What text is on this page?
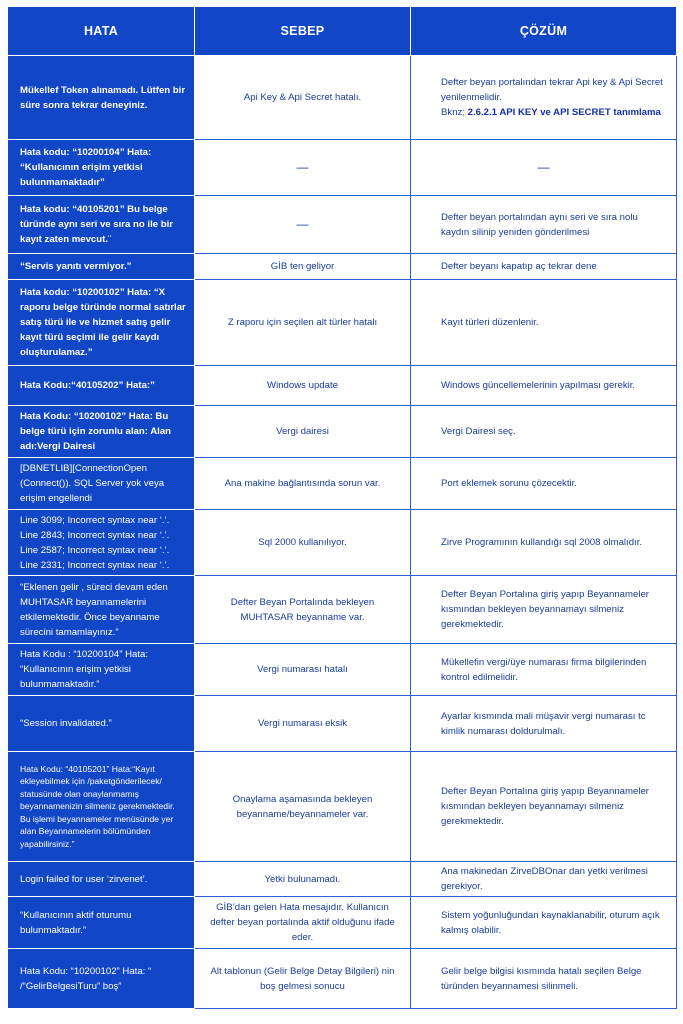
HATA	SEBEP	ÇÖZÜM
Mükellef Token alınamadı. Lütfen bir süre sonra tekrar deneyiniz.	Api Key & Api Secret hatalı.	Defter beyan portalından tekrar Api key & Api Secret yenilenmelidir.
Bknz; 2.6.2.1 API KEY ve API SECRET tanımlama
Hata kodu: “10200104” Hata: “Kullanıcının erişim yetkisi bulunmamaktadır”	—	—
Hata kodu: “40105201” Bu belge türünde aynı seri ve sıra no ile bir kayıt zaten mevcut.¨	—	Defter beyan portalından aynı seri ve sıra nolu kaydın silinip yeniden gönderilmesi
“Servis yanıtı vermiyor.”	GİB ten geliyor	Defter beyanı kapatıp aç tekrar dene
Hata kodu: “10200102” Hata: “X raporu belge türünde normal satırlar satış türü ile ve hizmet satış gelir kayıt türü seçimi ile gelir kaydı oluşturulamaz.”	Z raporu için seçilen alt türler hatalı	Kayıt türleri düzenlenir.
Hata Kodu:“40105202” Hata:”	Windows update	Windows güncellemelerinin yapılması gerekir.
Hata Kodu: “10200102” Hata: Bu belge türü için zorunlu alan: Alan adı:Vergi Dairesi	Vergi dairesi	Vergi Dairesi seç.
[DBNETLIB][ConnectionOpen (Connect()). SQL Server yok veya erişim engellendi	Ana makine bağlantısında sorun var.	Port eklemek sorunu çözecektir.
Line 3099; Incorrect syntax near ‘.’. Line 2843; Incorrect syntax near ‘.’. Line 2587; Incorrect syntax near ‘.’. Line 2331; Incorrect syntax near ‘.’.	Sql 2000 kullanılıyor.	Zirve Programının kullandığı sql 2008 olmalıdır.
“Eklenen gelir , süreci devam eden MUHTASAR beyannamelerini etkilemektedir. Önce beyanname sürecini tamamlayınız.”	Defter Beyan Portalında bekleyen MUHTASAR beyanname var.	Defter Beyan Portalına giriş yapıp Beyannameler kısmından bekleyen beyannamayı silmeniz gerekmektedir.
Hata Kodu : “10200104” Hata: “Kullanıcının erişim yetkisi bulunmamaktadır.”	Vergi numarası hatalı	Mükellefin vergi/üye numarası firma bilgilerinden kontrol edilmelidir.
“Session invalidated.”	Vergi numarası eksik	Ayarlar kısmında mali müşavir vergi numarası tc kimlik numarası doldurulmalı.
Hata Kodu: “40105201” Hata:“Kayıt ekleyebilmek için /paketgönderilecek/ statusünde olan onaylanmamış beyannamenizin silmeniz gerekmektedir. Bu işlemi beyannameler menüsünde yer alan Beyannamelerin bölümünden yapabilirsiniz.”	Onaylama aşamasında bekleyen beyanname/beyannameler var.	Defter Beyan Portalına giriş yapıp Beyannameler kısmından bekleyen beyannamayı silmeniz gerekmektedir.
Login failed for user ‘zirvenet’.	Yetki bulunamadı.	Ana makinedan ZirveDBOnar dan yetki verilmesi gerekiyor.
“Kullanıcının aktif oturumu bulunmaktadır.”	GİB’dan gelen Hata mesajıdır. Kullanıcın defter beyan portalında aktif olduğunu ifade eder.	Sistem yoğunluğundan kaynaklanabilir, oturum açık kalmış olabilir.
Hata Kodu: “10200102” Hata: “ /“GelirBelgesiTuru” boş”	Alt tablonun (Gelir Belge Detay Bilgileri) nin boş gelmesi sonucu	Gelir belge bilgisi kısmında hatalı seçilen Belge türünden beyannamesi silinmeli.
